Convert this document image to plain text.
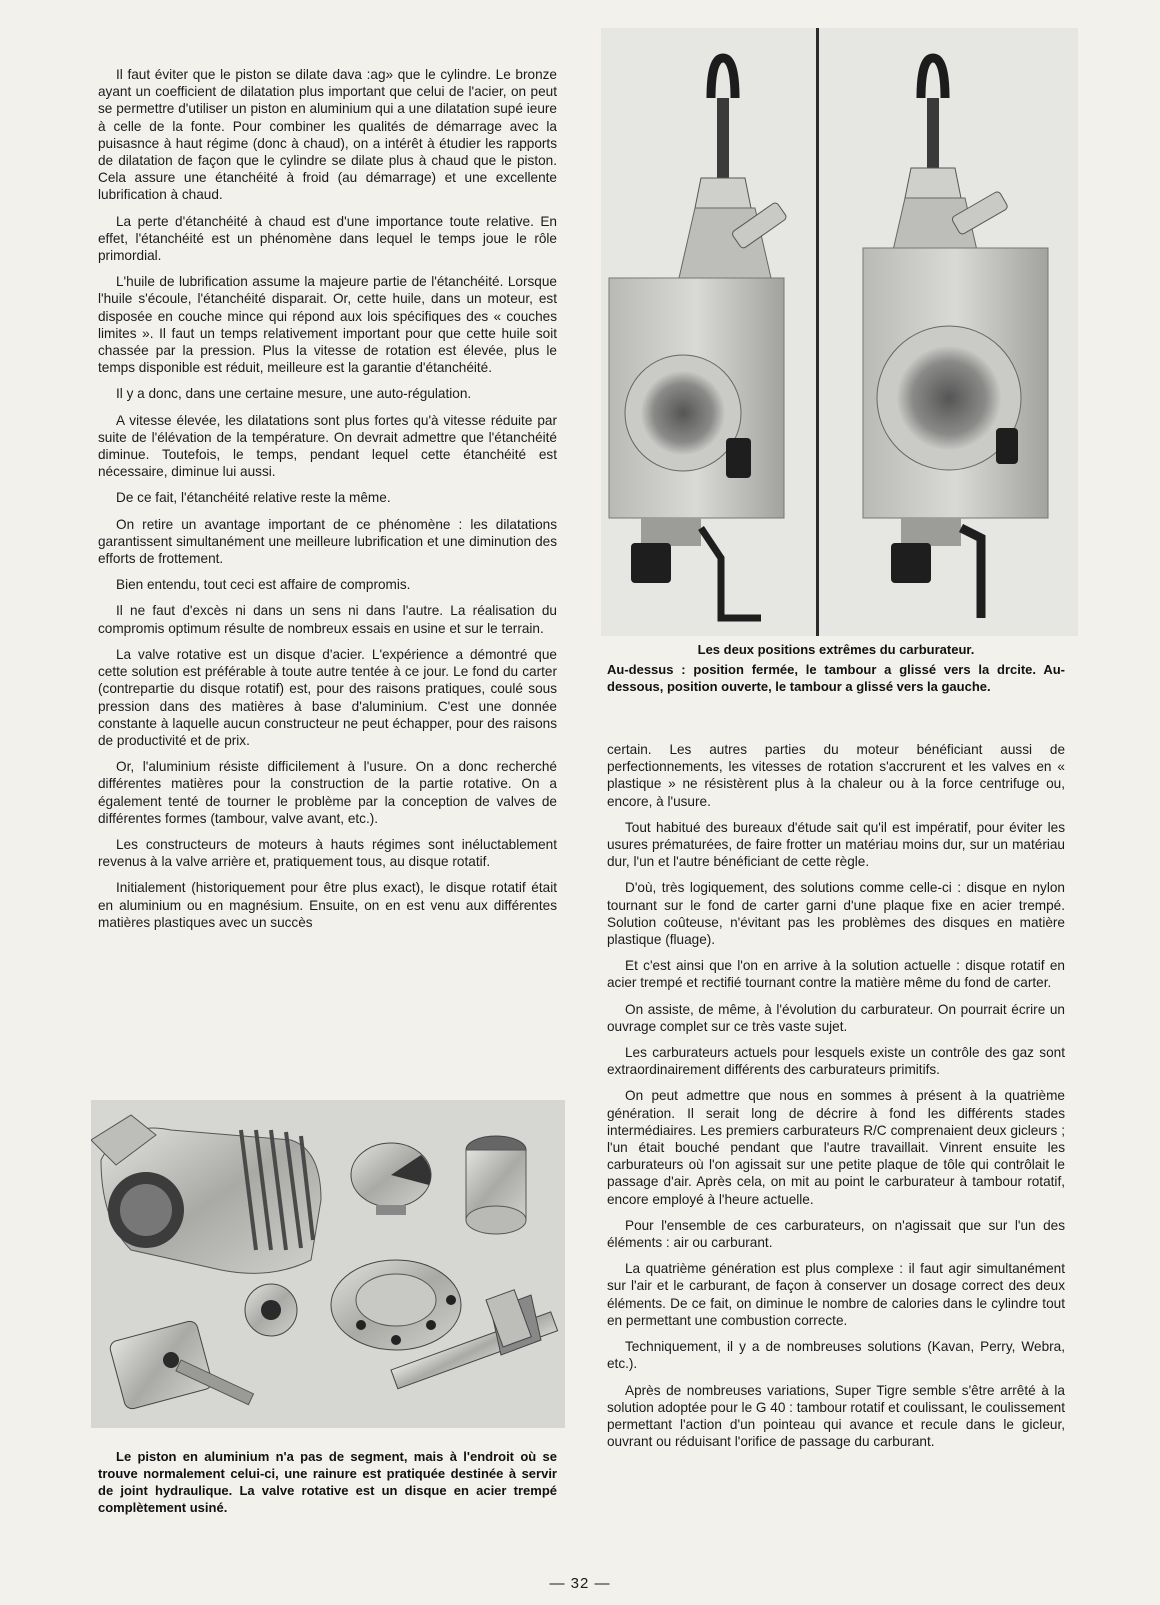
Il faut éviter que le piston se dilate dava :ag» que le cylindre. Le bronze ayant un coefficient de dilatation plus important que celui de l'acier, on peut se permettre d'utiliser un piston en aluminium qui a une dilatation supé ieure à celle de la fonte. Pour combiner les qualités de démarrage avec la puisasnce à haut régime (donc à chaud), on a intérêt à étudier les rapports de dilatation de façon que le cylindre se dilate plus à chaud que le piston. Cela assure une étanchéité à froid (au démarrage) et une excellente lubrification à chaud.

La perte d'étanchéité à chaud est d'une importance toute relative. En effet, l'étanchéité est un phénomène dans lequel le temps joue le rôle primordial.

L'huile de lubrification assume la majeure partie de l'étanchéité. Lorsque l'huile s'écoule, l'étanchéité disparait. Or, cette huile, dans un moteur, est disposée en couche mince qui répond aux lois spécifiques des « couches limites ». Il faut un temps relativement important pour que cette huile soit chassée par la pression. Plus la vitesse de rotation est élevée, plus le temps disponible est réduit, meilleure est la garantie d'étanchéité.

Il y a donc, dans une certaine mesure, une auto-régulation.

A vitesse élevée, les dilatations sont plus fortes qu'à vitesse réduite par suite de l'élévation de la température. On devrait admettre que l'étanchéité diminue. Toutefois, le temps, pendant lequel cette étanchéité est nécessaire, diminue lui aussi.

De ce fait, l'étanchéité relative reste la même.

On retire un avantage important de ce phénomène : les dilatations garantissent simultanément une meilleure lubrification et une diminution des efforts de frottement.

Bien entendu, tout ceci est affaire de compromis.

Il ne faut d'excès ni dans un sens ni dans l'autre. La réalisation du compromis optimum résulte de nombreux essais en usine et sur le terrain.

La valve rotative est un disque d'acier. L'expérience a démontré que cette solution est préférable à toute autre tentée à ce jour. Le fond du carter (contrepartie du disque rotatif) est, pour des raisons pratiques, coulé sous pression dans des matières à base d'aluminium. C'est une donnée constante à laquelle aucun constructeur ne peut échapper, pour des raisons de productivité et de prix.

Or, l'aluminium résiste difficilement à l'usure. On a donc recherché différentes matières pour la construction de la partie rotative. On a également tenté de tourner le problème par la conception de valves de différentes formes (tambour, valve avant, etc.).

Les constructeurs de moteurs à hauts régimes sont inéluctablement revenus à la valve arrière et, pratiquement tous, au disque rotatif.

Initialement (historiquement pour être plus exact), le disque rotatif était en aluminium ou en magnésium. Ensuite, on en est venu aux différentes matières plastiques avec un succès

Les deux positions extrêmes du carburateur.

Au-dessus : position fermée, le tambour a glissé vers la drcite. Au-dessous, position ouverte, le tambour a glissé vers la gauche.

certain. Les autres parties du moteur bénéficiant aussi de perfectionnements, les vitesses de rotation s'accrurent et les valves en « plastique » ne résistèrent plus à la chaleur ou à la force centrifuge ou, encore, à l'usure.

Tout habitué des bureaux d'étude sait qu'il est impératif, pour éviter les usures prématurées, de faire frotter un matériau moins dur, sur un matériau dur, l'un et l'autre bénéficiant de cette règle.

D'où, très logiquement, des solutions comme celle-ci : disque en nylon tournant sur le fond de carter garni d'une plaque fixe en acier trempé. Solution coûteuse, n'évitant pas les problèmes des disques en matière plastique (fluage).

Et c'est ainsi que l'on en arrive à la solution actuelle : disque rotatif en acier trempé et rectifié tournant contre la matière même du fond de carter.

On assiste, de même, à l'évolution du carburateur. On pourrait écrire un ouvrage complet sur ce très vaste sujet.

Les carburateurs actuels pour lesquels existe un contrôle des gaz sont extraordinairement différents des carburateurs primitifs.

On peut admettre que nous en sommes à présent à la quatrième génération. Il serait long de décrire à fond les différents stades intermédiaires. Les premiers carburateurs R/C comprenaient deux gicleurs ; l'un était bouché pendant que l'autre travaillait. Vinrent ensuite les carburateurs où l'on agissait sur une petite plaque de tôle qui contrôlait le passage d'air. Après cela, on mit au point le carburateur à tambour rotatif, encore employé à l'heure actuelle.

Pour l'ensemble de ces carburateurs, on n'agissait que sur l'un des éléments : air ou carburant.

La quatrième génération est plus complexe : il faut agir simultanément sur l'air et le carburant, de façon à conserver un dosage correct des deux éléments. De ce fait, on diminue le nombre de calories dans le cylindre tout en permettant une combustion correcte.

Techniquement, il y a de nombreuses solutions (Kavan, Perry, Webra, etc.).

Après de nombreuses variations, Super Tigre semble s'être arrêté à la solution adoptée pour le G 40 : tambour rotatif et coulissant, le coulissement permettant l'action d'un pointeau qui avance et recule dans le gicleur, ouvrant ou réduisant l'orifice de passage du carburant.

Le piston en aluminium n'a pas de segment, mais à l'endroit où se trouve normalement celui-ci, une rainure est pratiquée destinée à servir de joint hydraulique. La valve rotative est un disque en acier trempé complètement usiné.
— 32 —
